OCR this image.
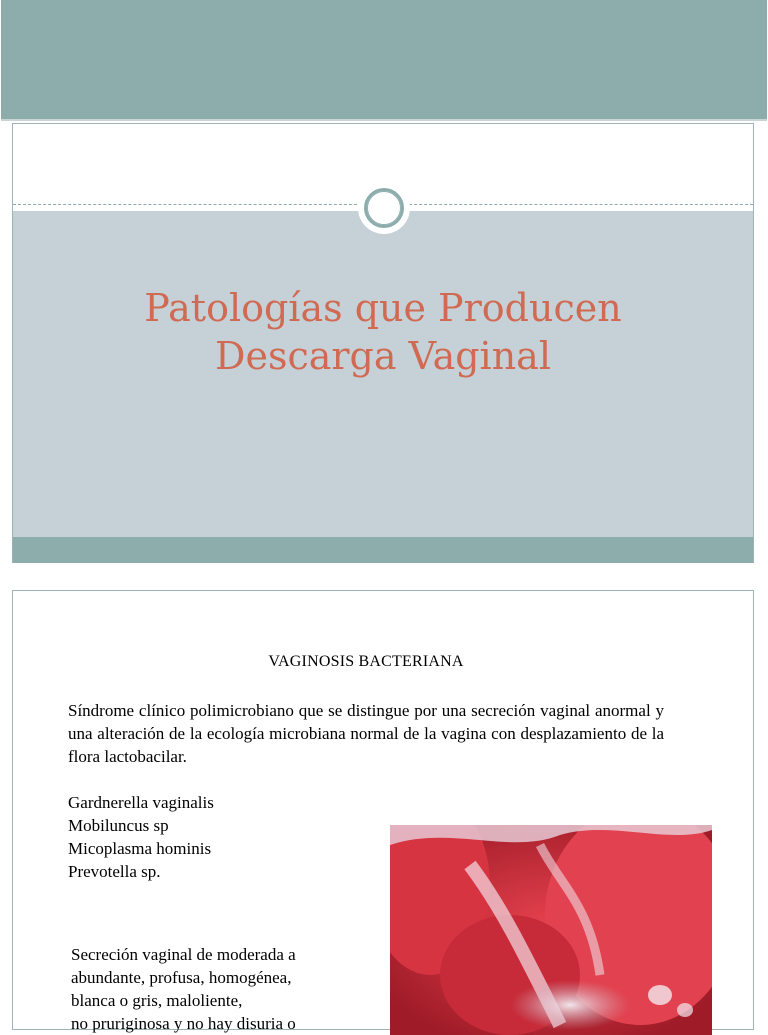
Patologías que Producen
Descarga Vaginal
VAGINOSIS BACTERIANA

Síndrome clínico polimicrobiano que se distingue por una secreción vaginal anormal y una alteración de la ecología microbiana normal de la vagina con desplazamiento de la flora lactobacilar.

Gardnerella vaginalis
Mobiluncus sp
Micoplasma hominis
Prevotella sp.

Secreción vaginal de moderada a
abundante, profusa, homogénea,
blanca o gris, maloliente,
no pruriginosa y no hay disuria o
